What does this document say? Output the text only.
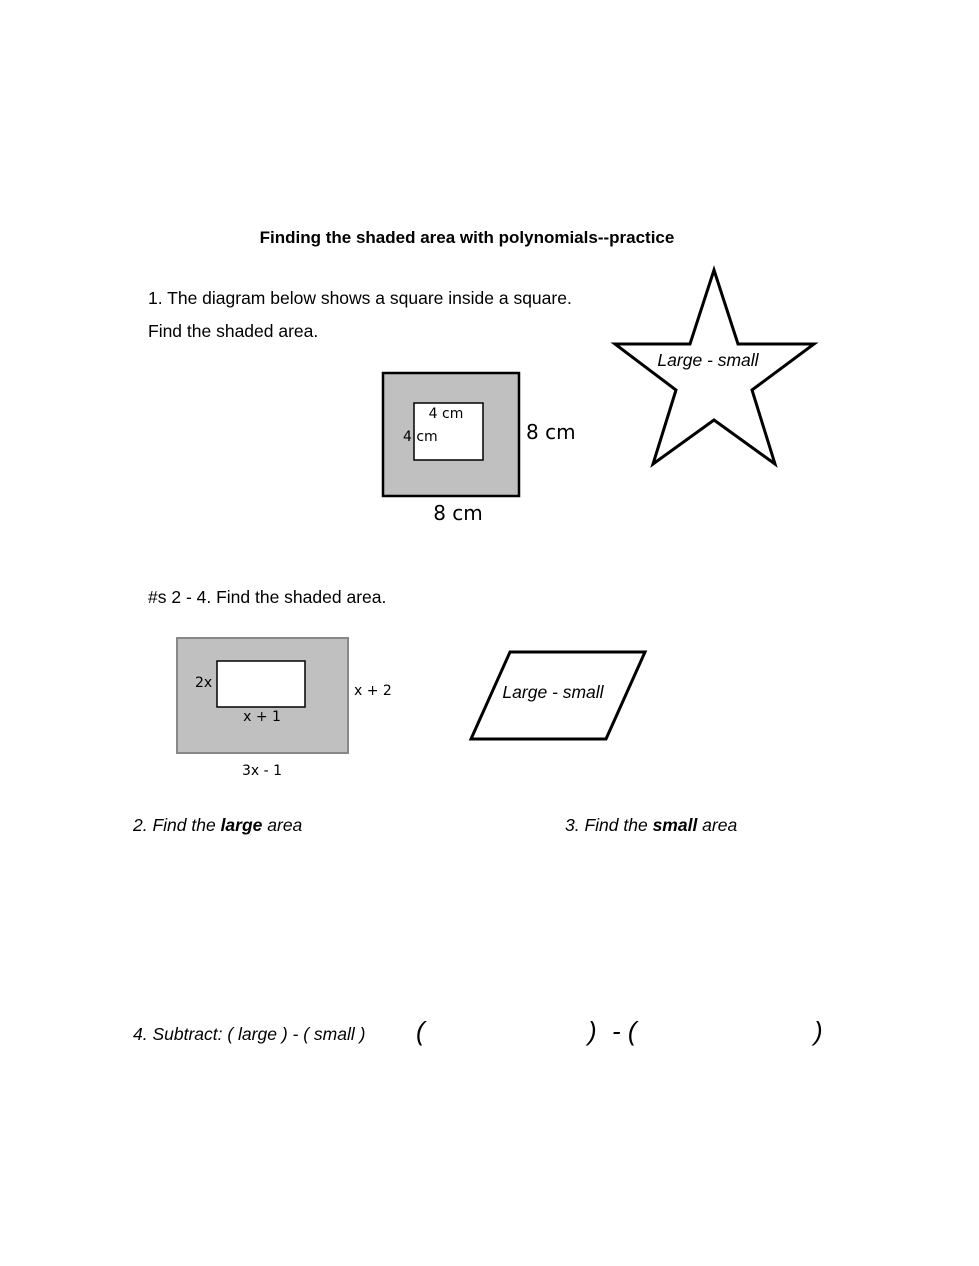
Finding the shaded area with polynomials--practice
1. The diagram below shows a square inside a square.
Find the shaded area.
4 cm
4 cm	8 cm
8 cm
Large - small
2x
x + 1
x + 2
3x - 1
Large - small
#s 2 - 4. Find the shaded area.
2. Find the large area	3. Find the small area
4. Subtract: ( large ) - ( small ) (	) - (	)
